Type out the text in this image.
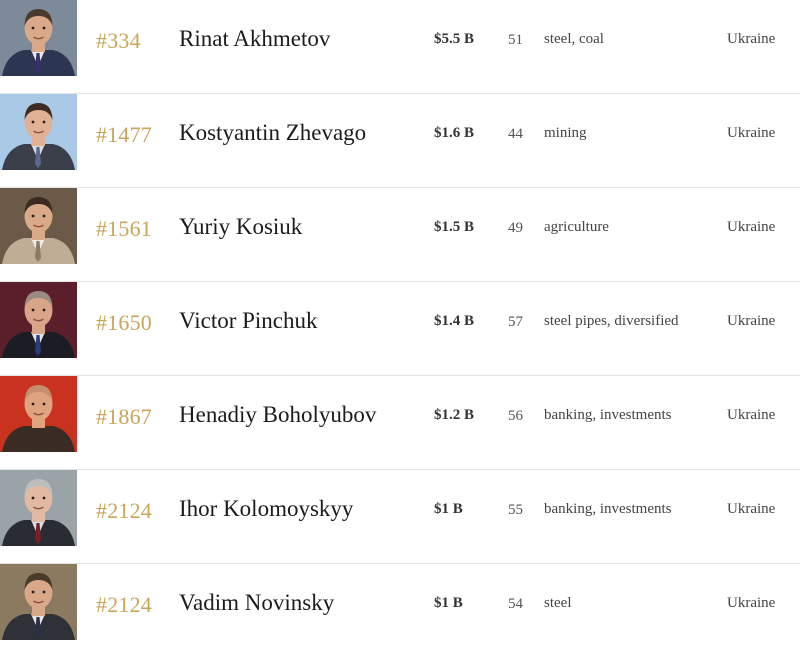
#334 Rinat Akhmetov	$5.5 B 51 steel, coal	Ukraine
#1477 Kostyantin Zhevago	$1.6 B 44 mining	Ukraine
#1561 Yuriy Kosiuk	$1.5 B 49 agriculture	Ukraine
#1650 Victor Pinchuk	$1.4 B 57 steel pipes, diversified	Ukraine
#1867 Henadiy Boholyubov	$1.2 B 56 banking, investments	Ukraine
#2124 Ihor Kolomoyskyy	$1 B	55 banking, investments	Ukraine
#2124 Vadim Novinsky	$1 B	54 steel	Ukraine
